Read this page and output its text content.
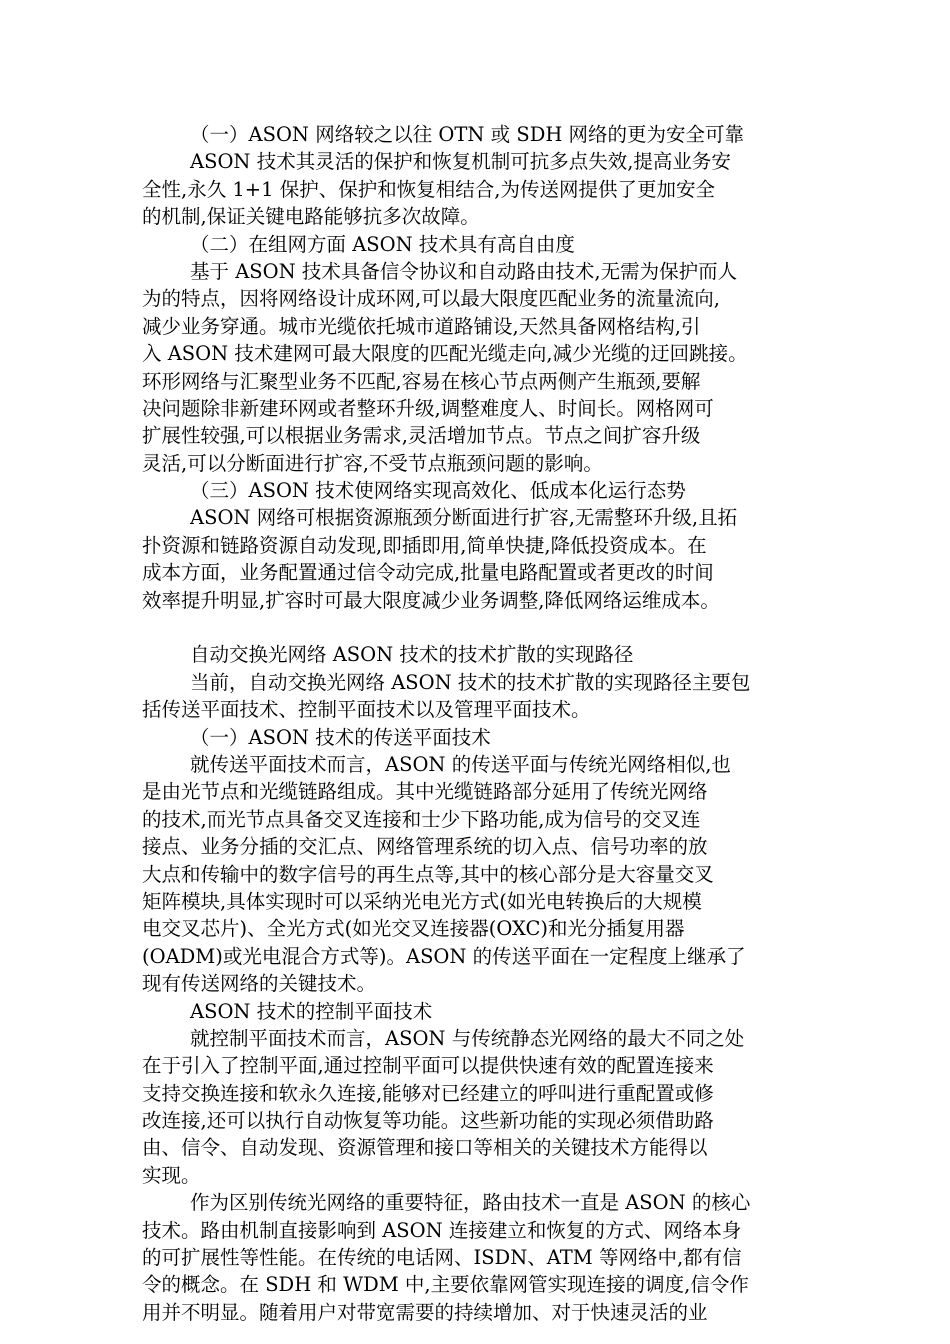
（一）ASON 网络较之以往 OTN 或 SDH 网络的更为安全可靠
ASON 技术其灵活的保护和恢复机制可抗多点失效,提高业务安
全性,永久 1+1 保护、保护和恢复相结合,为传送网提供了更加安全
的机制,保证关键电路能够抗多次故障。
（二）在组网方面 ASON 技术具有高自由度
基于 ASON 技术具备信令协议和自动路由技术,无需为保护而人
为的特点，因将网络设计成环网,可以最大限度匹配业务的流量流向,
减少业务穿通。城市光缆依托城市道路铺设,天然具备网格结构,引
入 ASON 技术建网可最大限度的匹配光缆走向,减少光缆的迂回跳接。
环形网络与汇聚型业务不匹配,容易在核心节点两侧产生瓶颈,要解
决问题除非新建环网或者整环升级,调整难度人、时间长。网格网可
扩展性较强,可以根据业务需求,灵活增加节点。节点之间扩容升级
灵活,可以分断面进行扩容,不受节点瓶颈问题的影响。
（三）ASON 技术使网络实现高效化、低成本化运行态势
ASON 网络可根据资源瓶颈分断面进行扩容,无需整环升级,且拓
扑资源和链路资源自动发现,即插即用,简单快捷,降低投资成本。在
成本方面，业务配置通过信令动完成,批量电路配置或者更改的时间
效率提升明显,扩容时可最大限度减少业务调整,降低网络运维成本。
自动交换光网络 ASON 技术的技术扩散的实现路径
当前，自动交换光网络 ASON 技术的技术扩散的实现路径主要包
括传送平面技术、控制平面技术以及管理平面技术。
（一）ASON 技术的传送平面技术
就传送平面技术而言，ASON 的传送平面与传统光网络相似,也
是由光节点和光缆链路组成。其中光缆链路部分延用了传统光网络
的技术,而光节点具备交叉连接和士少下路功能,成为信号的交叉连
接点、业务分插的交汇点、网络管理系统的切入点、信号功率的放
大点和传输中的数字信号的再生点等,其中的核心部分是大容量交叉
矩阵模块,具体实现时可以采纳光电光方式(如光电转换后的大规模
电交叉芯片)、全光方式(如光交叉连接器(OXC)和光分插复用器
(OADM)或光电混合方式等)。ASON 的传送平面在一定程度上继承了
现有传送网络的关键技术。
ASON 技术的控制平面技术
就控制平面技术而言，ASON 与传统静态光网络的最大不同之处
在于引入了控制平面,通过控制平面可以提供快速有效的配置连接来
支持交换连接和软永久连接,能够对已经建立的呼叫进行重配置或修
改连接,还可以执行自动恢复等功能。这些新功能的实现必须借助路
由、信令、自动发现、资源管理和接口等相关的关键技术方能得以
实现。
作为区别传统光网络的重要特征，路由技术一直是 ASON 的核心
技术。路由机制直接影响到 ASON 连接建立和恢复的方式、网络本身
的可扩展性等性能。在传统的电话网、ISDN、ATM 等网络中,都有信
令的概念。在 SDH 和 WDM 中,主要依靠网管实现连接的调度,信令作
用并不明显。随着用户对带宽需要的持续增加、对于快速灵活的业
